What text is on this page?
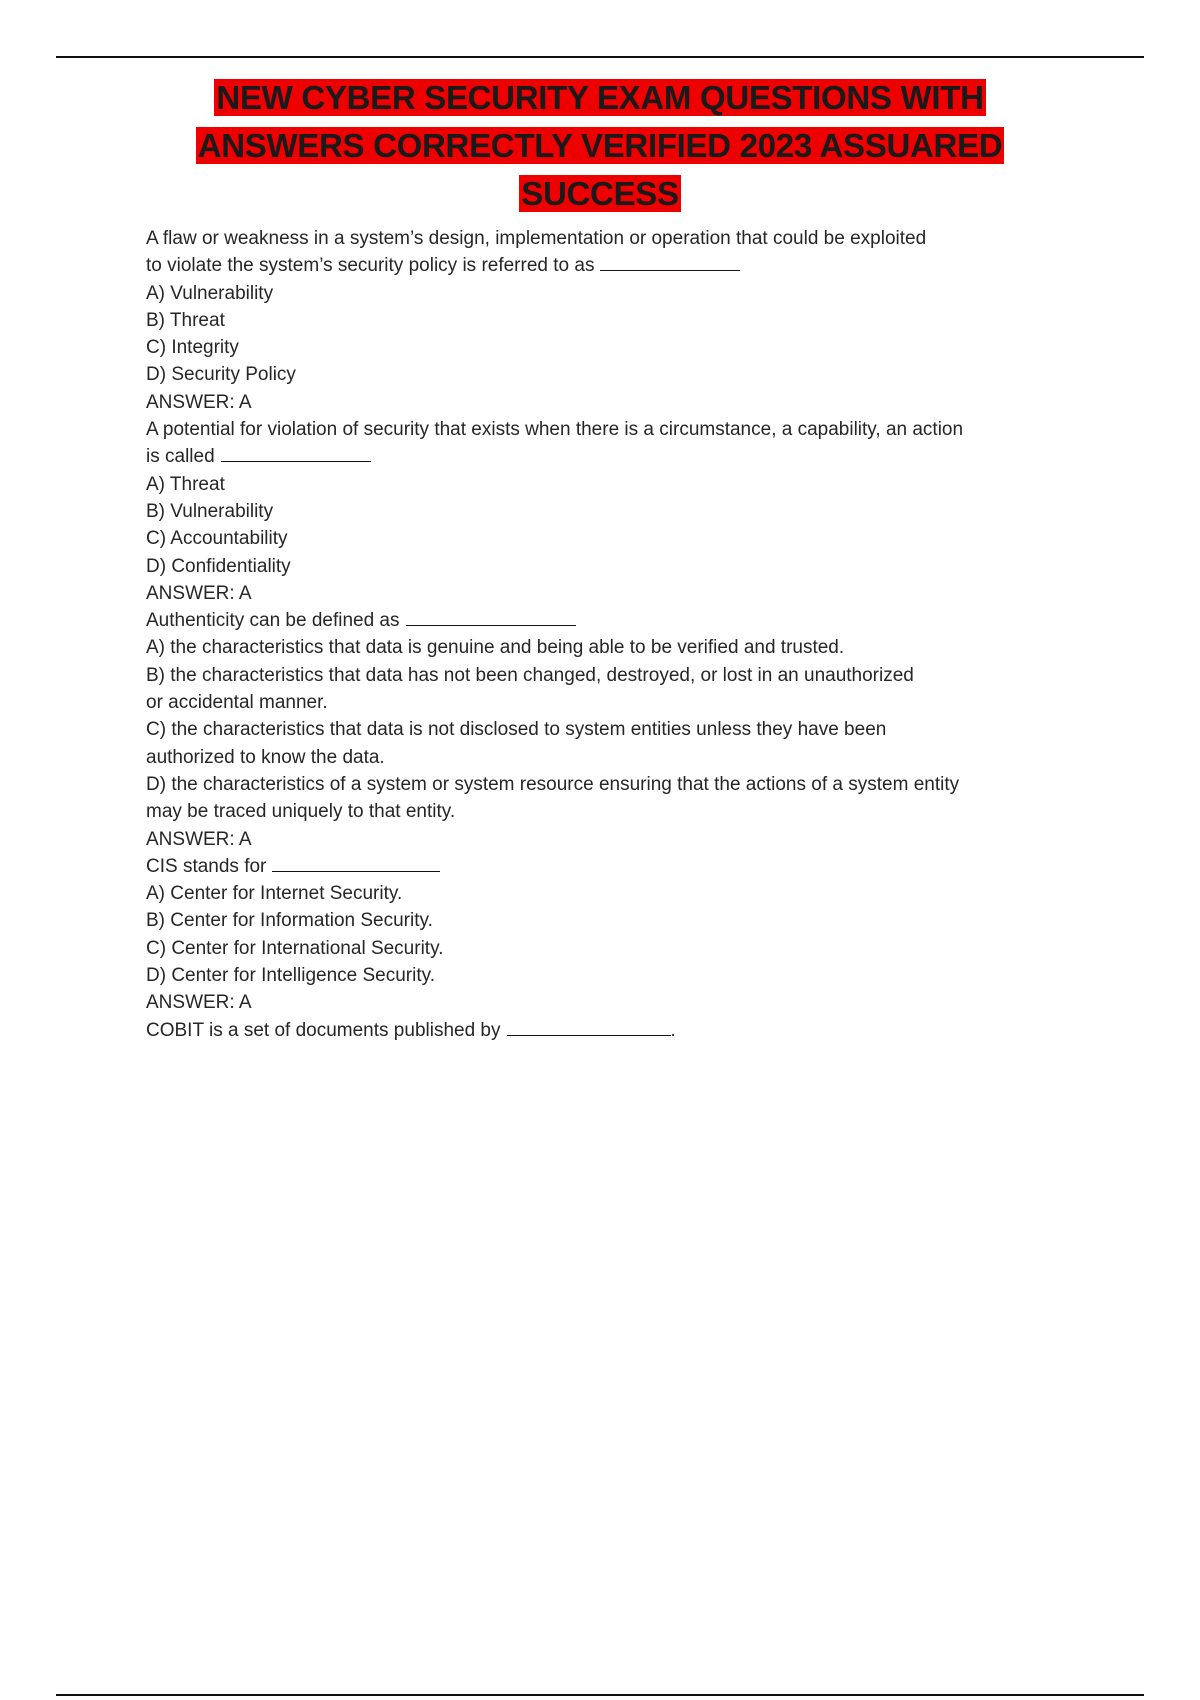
NEW CYBER SECURITY EXAM QUESTIONS WITH
ANSWERS CORRECTLY VERIFIED 2023 ASSUARED
SUCCESS
A flaw or weakness in a system’s design, implementation or operation that could be exploited
to violate the system’s security policy is referred to as
A) Vulnerability
B) Threat
C) Integrity
D) Security Policy
ANSWER: A
A potential for violation of security that exists when there is a circumstance, a capability, an action
is called
A) Threat
B) Vulnerability
C) Accountability
D) Confidentiality
ANSWER: A
Authenticity can be defined as
A) the characteristics that data is genuine and being able to be verified and trusted.
B) the characteristics that data has not been changed, destroyed, or lost in an unauthorized
or accidental manner.
C) the characteristics that data is not disclosed to system entities unless they have been
authorized to know the data.
D) the characteristics of a system or system resource ensuring that the actions of a system entity
may be traced uniquely to that entity.
ANSWER: A
CIS stands for
A) Center for Internet Security.
B) Center for Information Security.
C) Center for International Security.
D) Center for Intelligence Security.
ANSWER: A
COBIT is a set of documents published by	.
